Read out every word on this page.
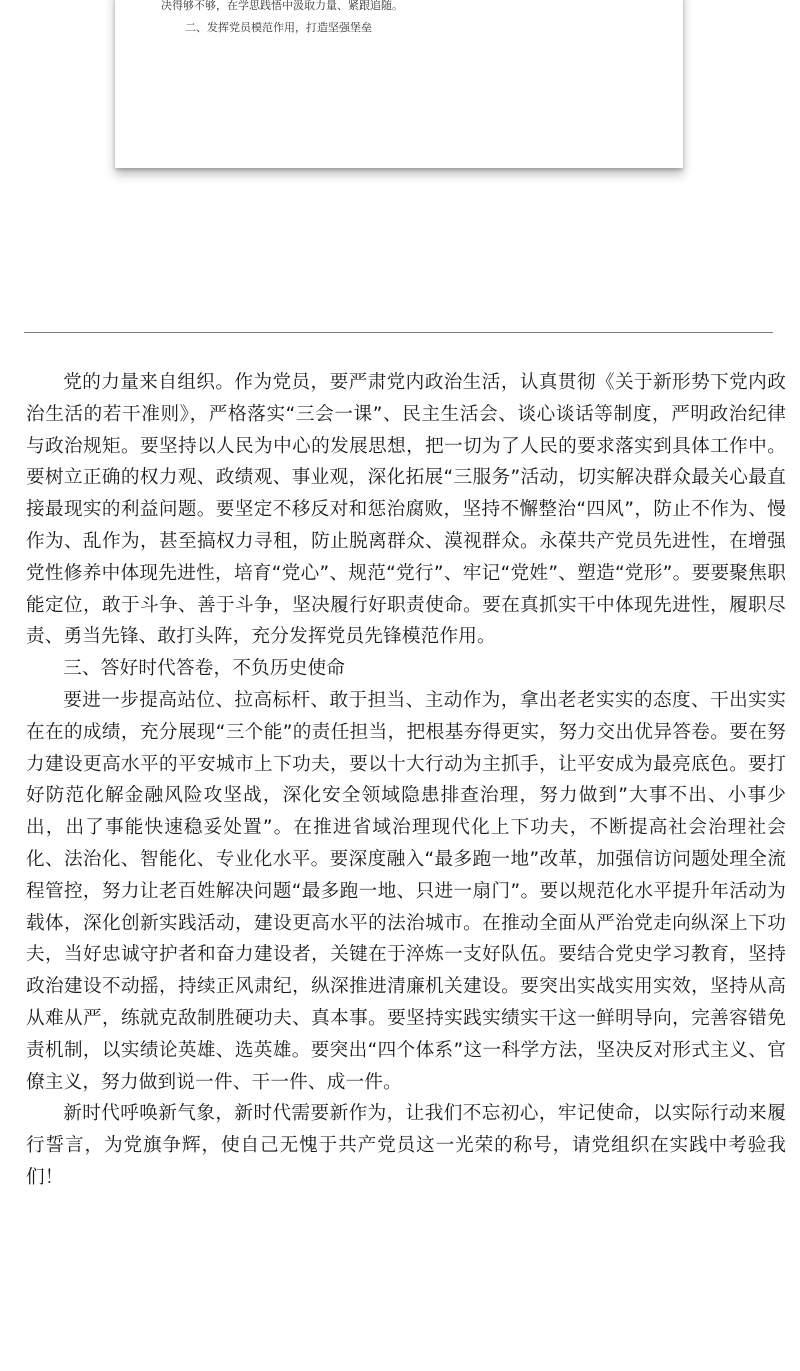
决得够不够，在学思践悟中汲取力量、紧跟追随。
二、发挥党员模范作用，打造坚强堡垒

党的力量来自组织。作为党员，要严肃党内政治生活，认真贯彻《关于新形势下党内政治生活的若干准则》，严格落实“三会一课”、民主生活会、谈心谈话等制度，严明政治纪律与政治规矩。要坚持以人民为中心的发展思想，把一切为了人民的要求落实到具体工作中。要树立正确的权力观、政绩观、事业观，深化拓展“三服务”活动，切实解决群众最关心最直接最现实的利益问题。要坚定不移反对和惩治腐败，坚持不懈整治“四风”，防止不作为、慢作为、乱作为，甚至搞权力寻租，防止脱离群众、漠视群众。永葆共产党员先进性，在增强党性修养中体现先进性，培育“党心”、规范“党行”、牢记“党姓”、塑造“党形”。要要聚焦职能定位，敢于斗争、善于斗争，坚决履行好职责使命。要在真抓实干中体现先进性，履职尽责、勇当先锋、敢打头阵，充分发挥党员先锋模范作用。

三、答好时代答卷，不负历史使命

要进一步提高站位、拉高标杆、敢于担当、主动作为，拿出老老实实的态度、干出实实在在的成绩，充分展现“三个能”的责任担当，把根基夯得更实，努力交出优异答卷。要在努力建设更高水平的平安城市上下功夫，要以十大行动为主抓手，让平安成为最亮底色。要打好防范化解金融风险攻坚战，深化安全领域隐患排查治理，努力做到”大事不出、小事少出，出了事能快速稳妥处置”。在推进省域治理现代化上下功夫，不断提高社会治理社会化、法治化、智能化、专业化水平。要深度融入“最多跑一地”改革，加强信访问题处理全流程管控，努力让老百姓解决问题“最多跑一地、只进一扇门”。要以规范化水平提升年活动为载体，深化创新实践活动，建设更高水平的法治城市。在推动全面从严治党走向纵深上下功夫，当好忠诚守护者和奋力建设者，关键在于淬炼一支好队伍。要结合党史学习教育，坚持政治建设不动摇，持续正风肃纪，纵深推进清廉机关建设。要突出实战实用实效，坚持从高从难从严，练就克敌制胜硬功夫、真本事。要坚持实践实绩实干这一鲜明导向，完善容错免责机制，以实绩论英雄、选英雄。要突出“四个体系”这一科学方法，坚决反对形式主义、官僚主义，努力做到说一件、干一件、成一件。

新时代呼唤新气象，新时代需要新作为，让我们不忘初心，牢记使命，以实际行动来履行誓言，为党旗争辉，使自己无愧于共产党员这一光荣的称号，请党组织在实践中考验我们！
